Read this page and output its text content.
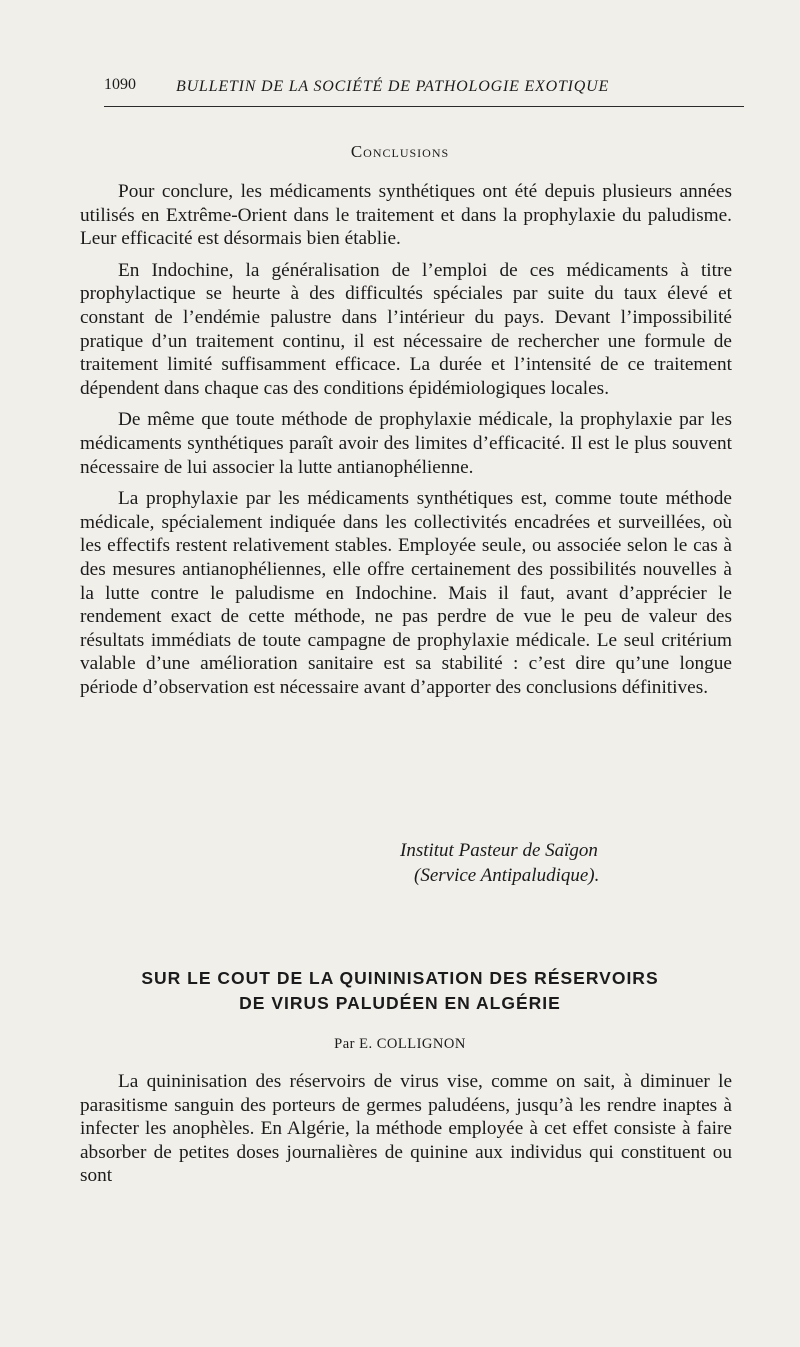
1090	BULLETIN DE LA SOCIÉTÉ DE PATHOLOGIE EXOTIQUE
Conclusions

Pour conclure, les médicaments synthétiques ont été depuis plusieurs années utilisés en Extrême-Orient dans le traitement et dans la prophylaxie du paludisme. Leur efficacité est désormais bien établie.

En Indochine, la généralisation de l’emploi de ces médicaments à titre prophylactique se heurte à des difficultés spéciales par suite du taux élevé et constant de l’endémie palustre dans l’intérieur du pays. Devant l’impossibilité pratique d’un traitement continu, il est nécessaire de rechercher une formule de traitement limité suffisamment efficace. La durée et l’intensité de ce traitement dépendent dans chaque cas des conditions épidémiologiques locales.

De même que toute méthode de prophylaxie médicale, la prophylaxie par les médicaments synthétiques paraît avoir des limites d’efficacité. Il est le plus souvent nécessaire de lui associer la lutte antianophélienne.

La prophylaxie par les médicaments synthétiques est, comme toute méthode médicale, spécialement indiquée dans les collectivités encadrées et surveillées, où les effectifs restent relativement stables. Employée seule, ou associée selon le cas à des mesures antianophéliennes, elle offre certainement des possibilités nouvelles à la lutte contre le paludisme en Indochine. Mais il faut, avant d’apprécier le rendement exact de cette méthode, ne pas perdre de vue le peu de valeur des résultats immédiats de toute campagne de prophylaxie médicale. Le seul critérium valable d’une amélioration sanitaire est sa stabilité : c’est dire qu’une longue période d’observation est nécessaire avant d’apporter des conclusions définitives.

Institut Pasteur de Saïgon
(Service Antipaludique).
SUR LE COUT DE LA QUININISATION DES RÉSERVOIRS
DE VIRUS PALUDÉEN EN ALGÉRIE
Par E. COLLIGNON

La quininisation des réservoirs de virus vise, comme on sait, à diminuer le parasitisme sanguin des porteurs de germes paludéens, jusqu’à les rendre inaptes à infecter les anophèles. En Algérie, la méthode employée à cet effet consiste à faire absorber de petites doses journalières de quinine aux individus qui constituent ou sont
